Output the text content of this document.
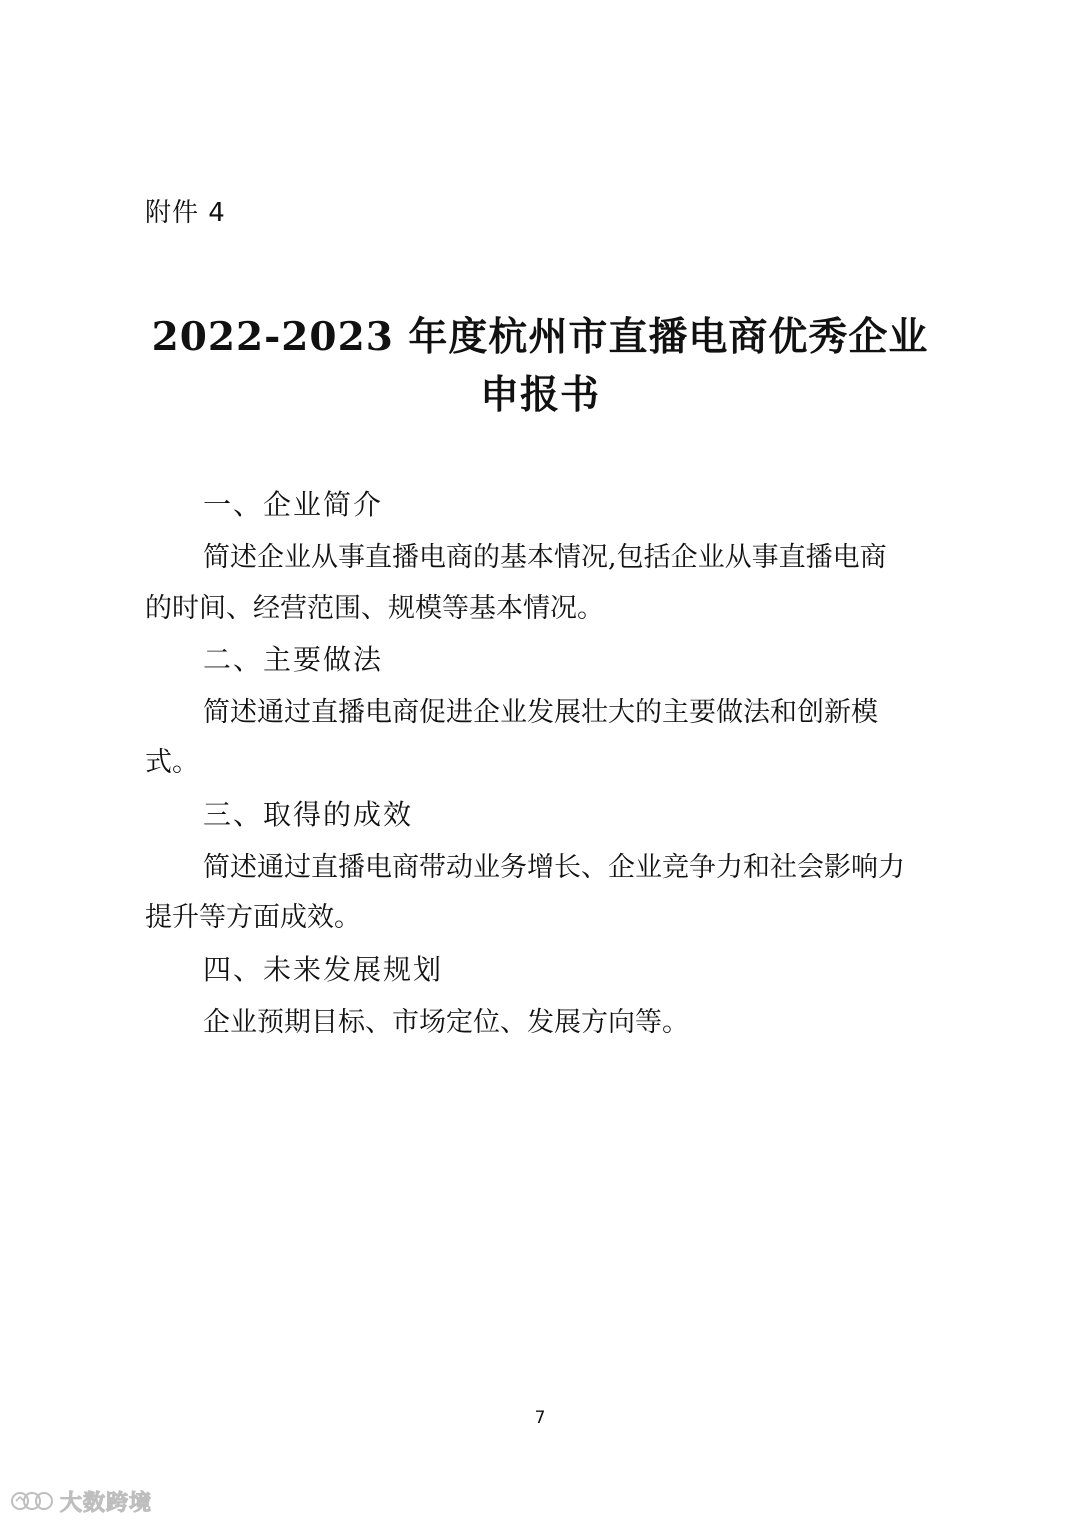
附件 4
2022-2023 年度杭州市直播电商优秀企业
申报书
一、企业简介
简述企业从事直播电商的基本情况,包括企业从事直播电商
的时间、经营范围、规模等基本情况。
二、主要做法
简述通过直播电商促进企业发展壮大的主要做法和创新模
式。
三、取得的成效
简述通过直播电商带动业务增长、企业竞争力和社会影响力
提升等方面成效。
四、未来发展规划
企业预期目标、市场定位、发展方向等。
7
大数跨境
